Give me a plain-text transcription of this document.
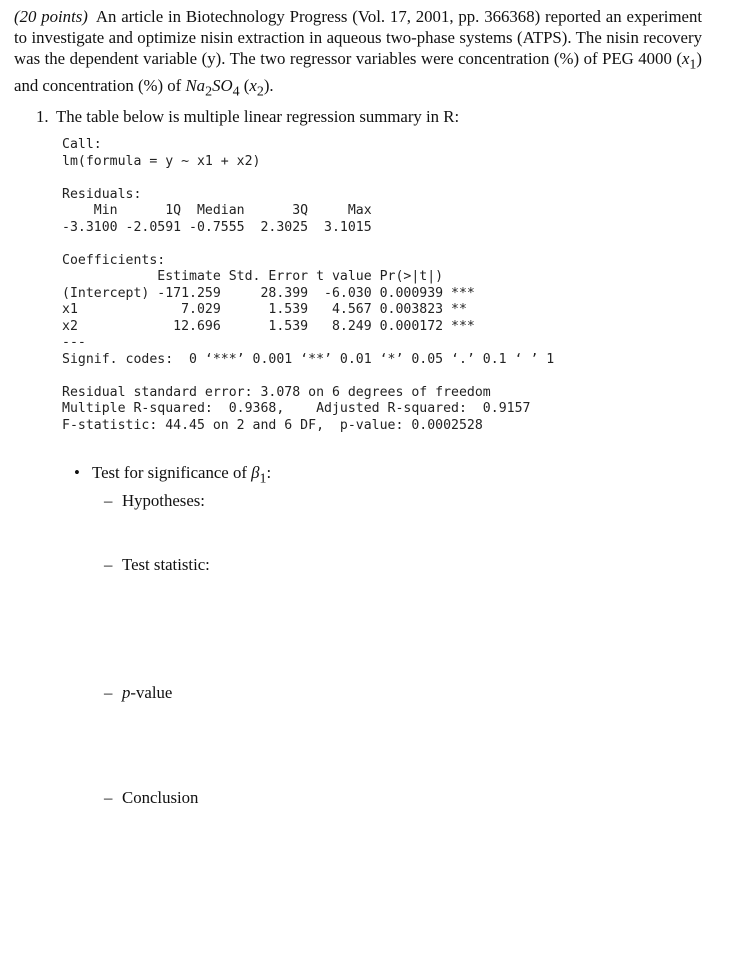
(20 points) An article in Biotechnology Progress (Vol. 17, 2001, pp. 366368) reported an experiment to investigate and optimize nisin extraction in aqueous two-phase systems (ATPS). The nisin recovery was the dependent variable (y). The two regressor variables were concentration (%) of PEG 4000 $(x_1)$ and concentration (%) of $Na_2SO_4$ $(x_2)$.
1. The table below is multiple linear regression summary in R:
Call:
lm(formula = y ~ x1 + x2)

Residuals:
Min      1Q  Median      3Q     Max
-3.3100 -2.0591 -0.7555  2.3025  3.1015

Coefficients:
Estimate Std. Error t value Pr(>|t|)
(Intercept) -171.259     28.399  -6.030 0.000939 ***
x1             7.029      1.539   4.567 0.003823 **
x2            12.696      1.539   8.249 0.000172 ***
---
Signif. codes:  0 ‘***’ 0.001 ‘**’ 0.01 ‘*’ 0.05 ‘.’ 0.1 ‘ ’ 1

Residual standard error: 3.078 on 6 degrees of freedom
Multiple R-squared:  0.9368,	Adjusted R-squared:  0.9157
F-statistic: 44.45 on 2 and 6 DF,  p-value: 0.0002528
• Test for significance of $\beta_1$:
– Hypotheses:
– Test statistic:
– p-value
– Conclusion
